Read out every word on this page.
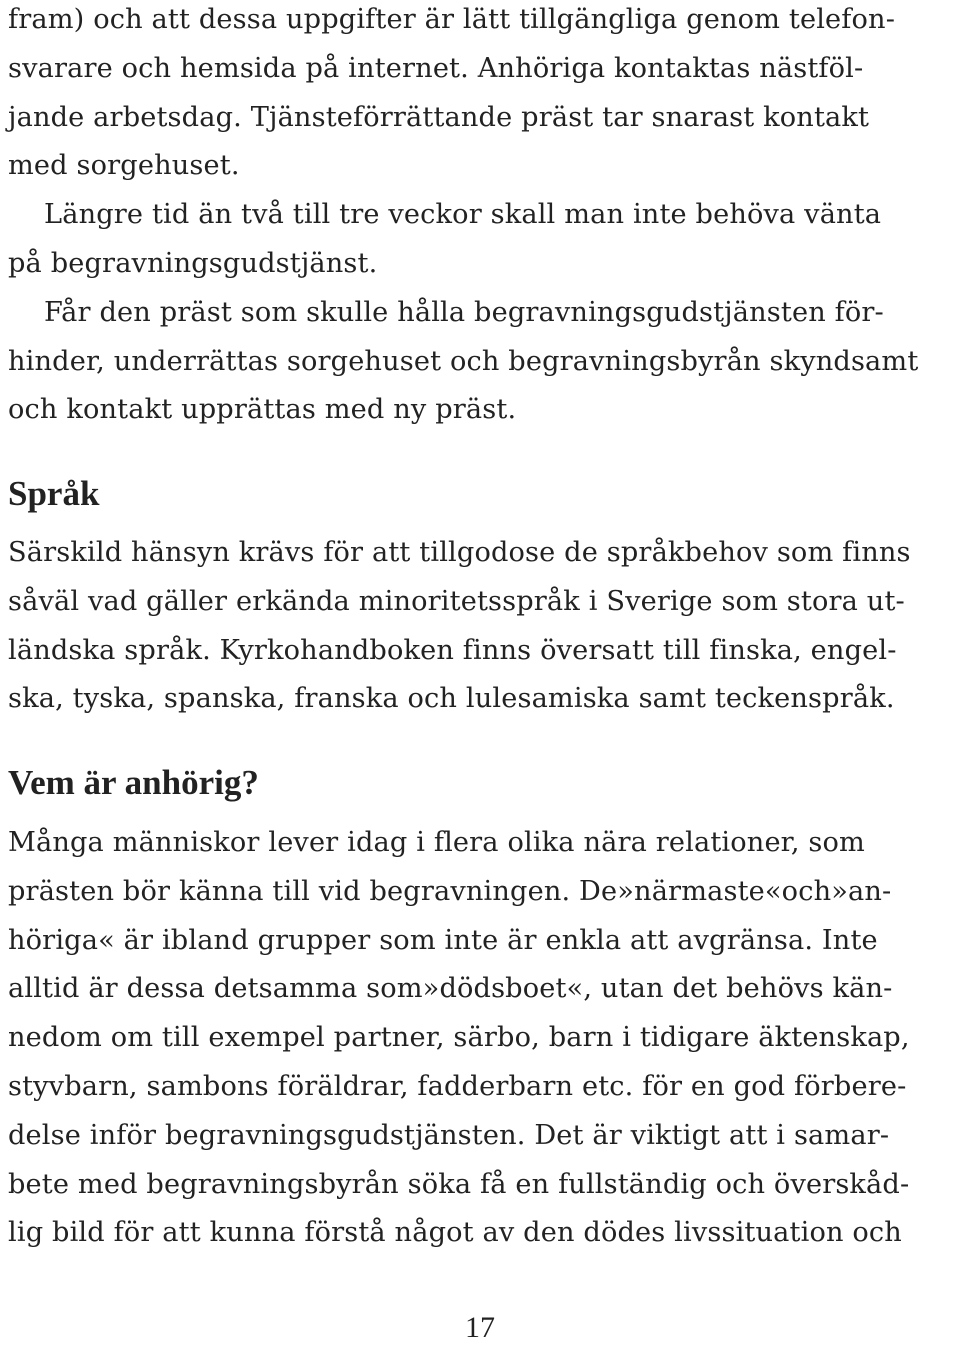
fram) och att dessa uppgifter är lätt tillgängliga genom telefon-
svarare och hemsida på internet. Anhöriga kontaktas nästföl-
jande arbetsdag. Tjänsteförrättande präst tar snarast kontakt
med sorgehuset.
Längre tid än två till tre veckor skall man inte behöva vänta
på begravningsgudstjänst.
Får den präst som skulle hålla begravningsgudstjänsten för-
hinder, underrättas sorgehuset och begravningsbyrån skyndsamt
och kontakt upprättas med ny präst.
Språk
Särskild hänsyn krävs för att tillgodose de språkbehov som finns
såväl vad gäller erkända minoritetsspråk i Sverige som stora ut-
ländska språk. Kyrkohandboken finns översatt till finska, engel-
ska, tyska, spanska, franska och lulesamiska samt teckenspråk.
Vem är anhörig?
Många människor lever idag i flera olika nära relationer, som
prästen bör känna till vid begravningen. De»närmaste«och»an-
höriga« är ibland grupper som inte är enkla att avgränsa. Inte
alltid är dessa detsamma som»dödsboet«, utan det behövs kän-
nedom om till exempel partner, särbo, barn i tidigare äktenskap,
styvbarn, sambons föräldrar, fadderbarn etc. för en god förbere-
delse inför begravningsgudstjänsten. Det är viktigt att i samar-
bete med begravningsbyrån söka få en fullständig och överskåd-
lig bild för att kunna förstå något av den dödes livssituation och
17
